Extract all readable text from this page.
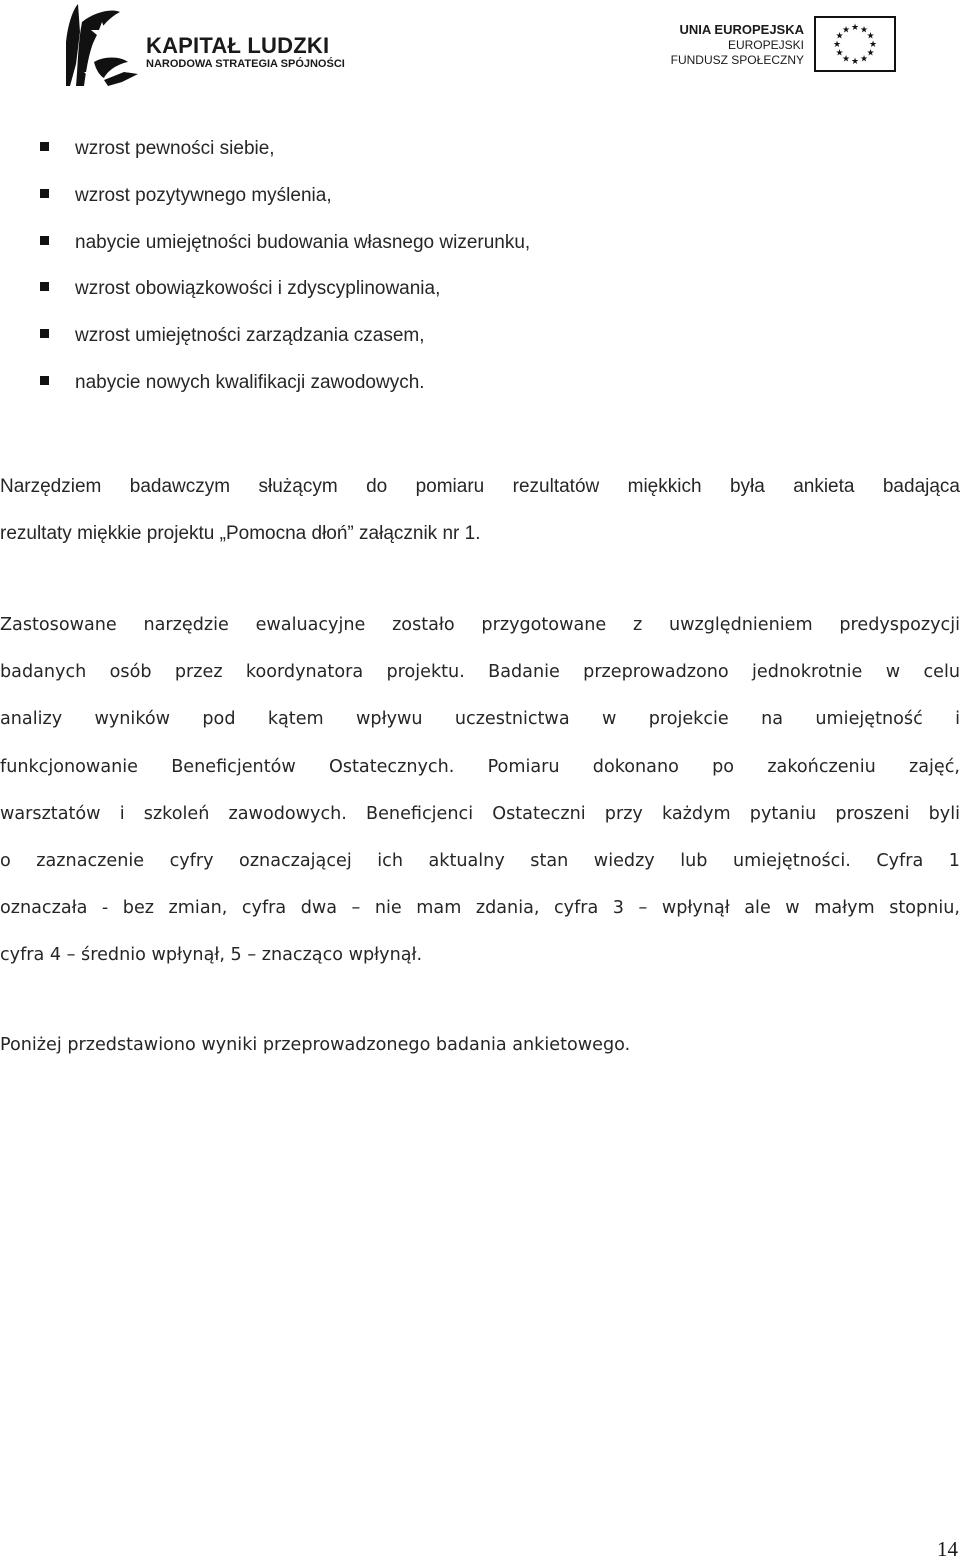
KAPITAŁ LUDZKI
NARODOWA STRATEGIA SPÓJNOŚCI
UNIA EUROPEJSKA
EUROPEJSKI
FUNDUSZ SPOŁECZNY
★ ★
★
★
★
★
★
★
★
★
★
★
wzrost pewności siebie,
wzrost pozytywnego myślenia,
nabycie umiejętności budowania własnego wizerunku,
wzrost obowiązkowości i zdyscyplinowania,
wzrost umiejętności zarządzania czasem,
nabycie nowych kwalifikacji zawodowych.
Narzędziem badawczym służącym do pomiaru rezultatów miękkich była ankieta badająca
rezultaty miękkie projektu „Pomocna dłoń” załącznik nr 1.
Zastosowane narzędzie ewaluacyjne zostało przygotowane z uwzględnieniem predyspozycji
badanych osób przez koordynatora projektu. Badanie przeprowadzono jednokrotnie w celu
analizy wyników pod kątem wpływu uczestnictwa w projekcie na umiejętność i
funkcjonowanie Beneficjentów Ostatecznych. Pomiaru dokonano po zakończeniu zajęć,
warsztatów i szkoleń zawodowych. Beneficjenci Ostateczni przy każdym pytaniu proszeni byli
o zaznaczenie cyfry oznaczającej ich aktualny stan wiedzy lub umiejętności. Cyfra 1
oznaczała - bez zmian, cyfra dwa – nie mam zdania, cyfra 3 – wpłynął ale w małym stopniu,
cyfra 4 – średnio wpłynął, 5 – znacząco wpłynął.
Poniżej przedstawiono wyniki przeprowadzonego badania ankietowego.
14
